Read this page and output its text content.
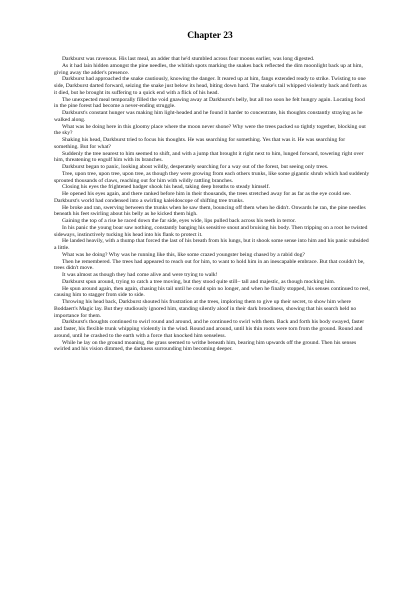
Chapter 23

Darkburst was ravenous. His last meal, an adder that he'd stumbled across four moons earlier, was long digested.

As it had lain hidden amongst the pine needles, the whitish spots marking the snakes back reflected the dim moonlight back up at him, giving away the adder's presence.

Darkburst had approached the snake cautiously, knowing the danger. It reared up at him, fangs extended ready to strike. Twisting to one side, Darkburst darted forward, seizing the snake just below its head, biting down hard. The snake's tail whipped violently back and forth as it died, but he brought its suffering to a quick end with a flick of his head.

The unexpected meal temporally filled the void gnawing away at Darkburst's belly, but all too soon he felt hungry again. Locating food in the pine forest had become a never-ending struggle.

Darkburst's constant hunger was making him light-headed and he found it harder to concentrate, his thoughts constantly straying as he walked along.

What was he doing here in this gloomy place where the moon never shone? Why were the trees packed so tightly together, blocking out the sky?

Shaking his head, Darkburst tried to focus his thoughts. He was searching for something. Yes that was it. He was searching for something. But for what?

Suddenly the tree nearest to him seemed to shift, and with a jump that brought it right next to him, lunged forward, towering right over him, threatening to engulf him with its branches.

Darkburst began to panic, looking about wildly, desperately searching for a way out of the forest, but seeing only trees.

Tree, upon tree, upon tree, upon tree, as though they were growing from each others trunks, like some gigantic shrub which had suddenly sprouted thousands of claws, reaching out for him with wildly rattling branches.

Closing his eyes the frightened badger shook his head, taking deep breaths to steady himself.

He opened his eyes again, and there ranked before him in their thousands, the trees stretched away for as far as the eye could see. Darkburst's world had condensed into a swirling kaleidoscope of shifting tree trunks.

He broke and ran, swerving between the trunks when he saw them, bouncing off them when he didn't. Onwards he ran, the pine needles beneath his feet swirling about his belly as he kicked them high.

Gaining the top of a rise he raced down the far side, eyes wide, lips pulled back across his teeth in terror.

In his panic the young boar saw nothing, constantly banging his sensitive snout and bruising his body. Then tripping on a root he twisted sideways, instinctively tucking his head into his flank to protect it.

He landed heavily, with a thump that forced the last of his breath from his lungs, but it shook some sense into him and his panic subsided a little.

What was he doing? Why was he running like this, like some crazed youngster being chased by a rabid dog?

Then he remembered. The trees had appeared to reach out for him, to want to hold him in an inescapable embrace. But that couldn't be, trees didn't move.

It was almost as though they had come alive and were trying to walk!

Darkburst spun around, trying to catch a tree moving, but they stood quite still– tall and majestic, as though mocking him.

He spun around again, then again, chasing his tail until he could spin no longer, and when he finally stopped, his senses continued to reel, causing him to stagger from side to side.

Throwing his head back, Darkburst shouted his frustration at the trees, imploring them to give up their secret, to show him where Boddaert's Magic lay. But they studiously ignored him, standing silently aloof in their dark broodiness, showing that his search held no importance for them.

Darkburst's thoughts continued to swirl round and around, and he continued to swirl with them. Back and forth his body swayed, faster and faster, his flexible trunk whipping violently in the wind. Round and around, until his thin roots were torn from the ground. Round and around, until he crashed to the earth with a force that knocked him senseless.

While he lay on the ground moaning, the grass seemed to writhe beneath him, bearing him upwards off the ground. Then his senses swirled and his vision dimmed, the darkness surrounding him becoming deeper.
